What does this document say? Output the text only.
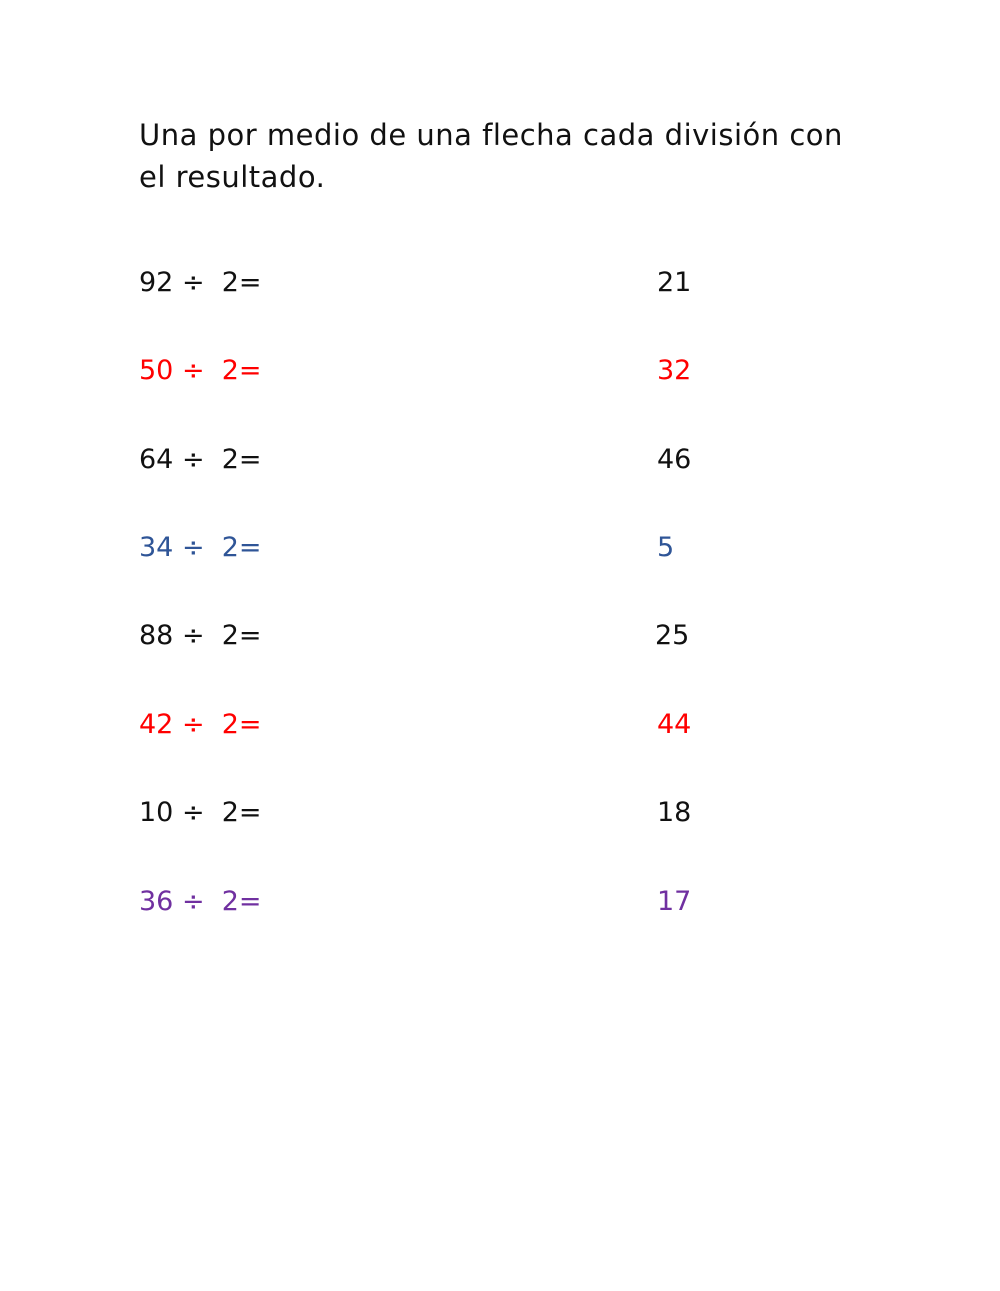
Una por medio de una flecha cada división con el resultado.

92 ÷  2=	21
50 ÷  2=	32
64 ÷  2=	46
34 ÷  2=	5
88 ÷  2=	25
42 ÷  2=	44
10 ÷  2=	18
36 ÷  2=	17
